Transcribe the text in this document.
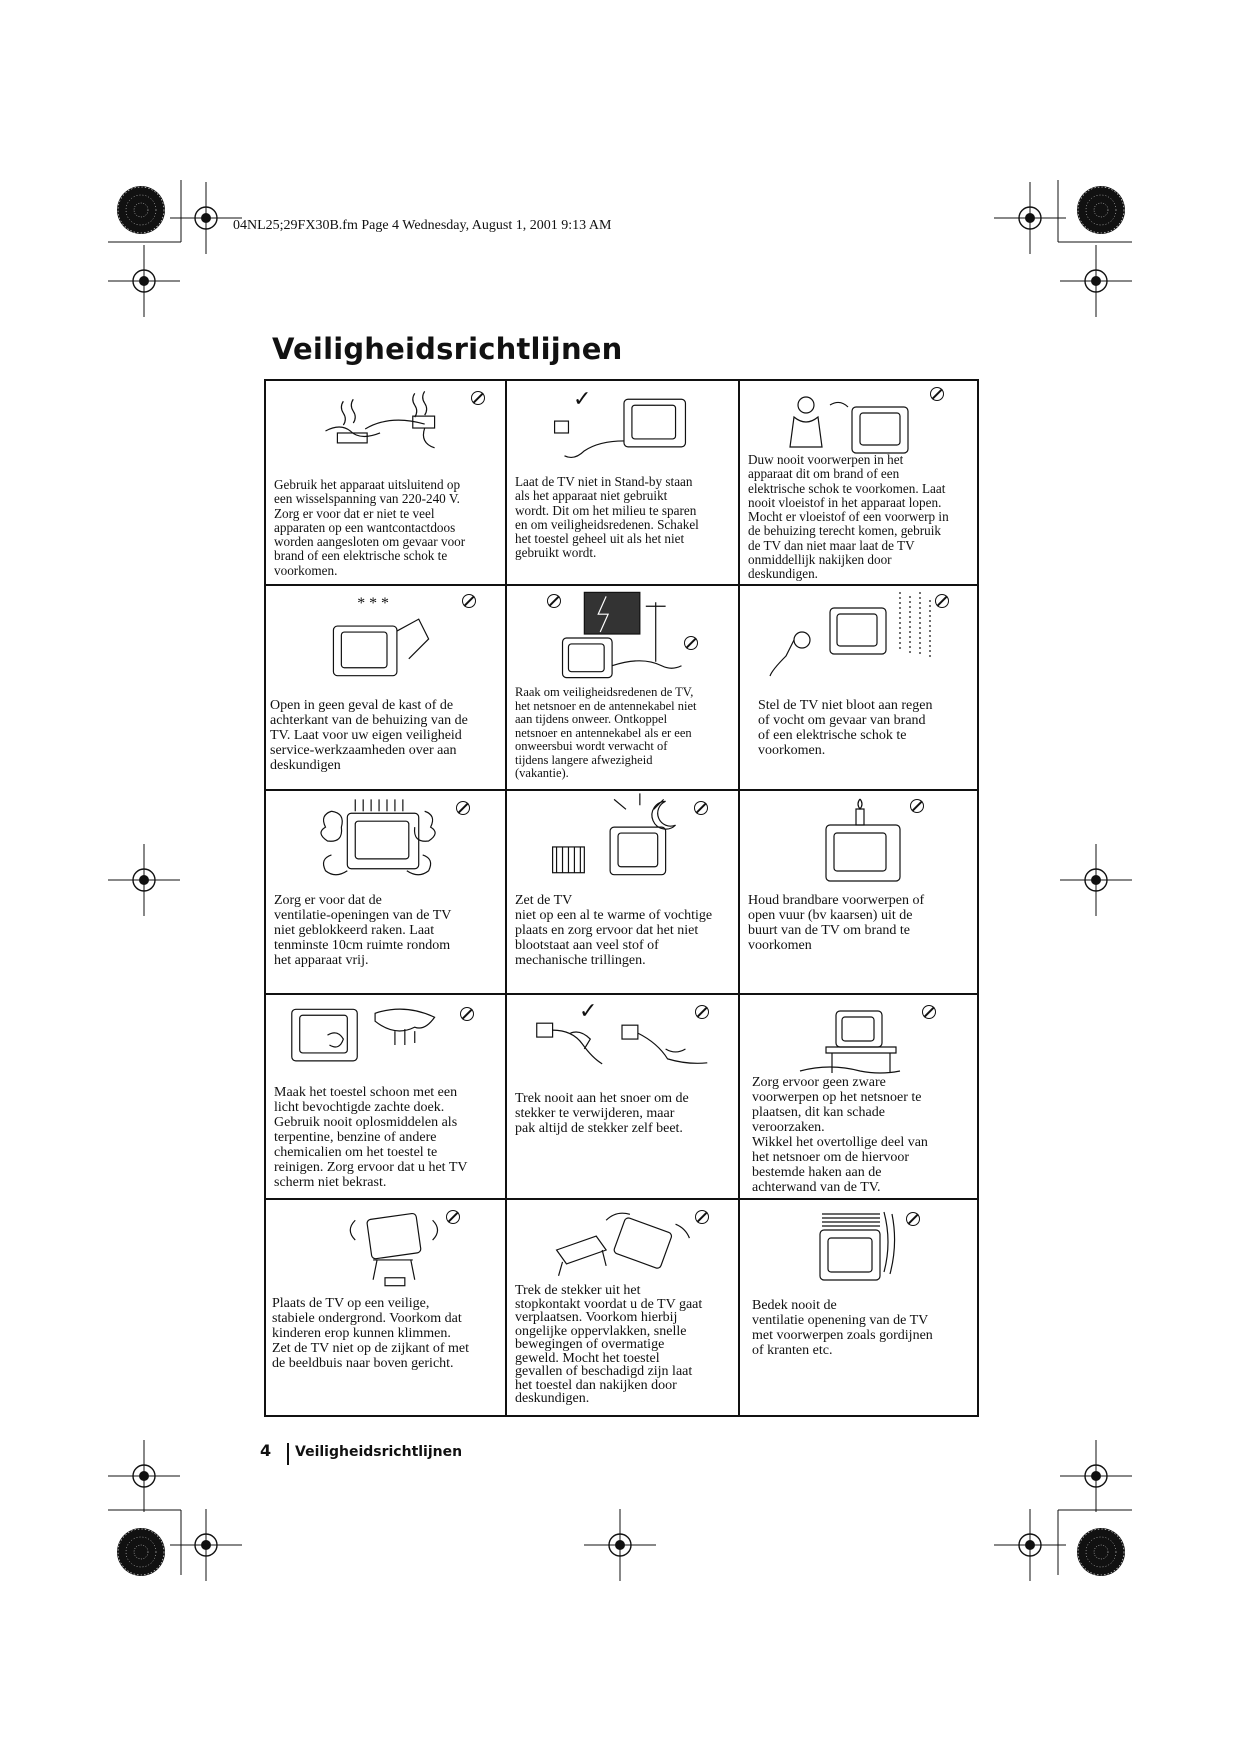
04NL25;29FX30B.fm Page 4 Wednesday, August 1, 2001 9:13 AM
Veiligheidsrichtlijnen
Gebruik het apparaat uitsluitend op
een wisselspanning van 220-240 V.
Zorg er voor dat er niet te veel
apparaten op een wantcontactdoos
worden aangesloten om gevaar voor
brand of een elektrische schok te
voorkomen.
✓
Laat de TV niet in Stand-by staan
als het apparaat niet gebruikt
wordt. Dit om het milieu te sparen
en om veiligheidsredenen. Schakel
het toestel geheel uit als het niet
gebruikt wordt.
Duw nooit voorwerpen in het
apparaat dit om brand of een
elektrische schok te voorkomen. Laat
nooit vloeistof in het apparaat lopen.
Mocht er vloeistof of een voorwerp in
de behuizing terecht komen, gebruik
de TV dan niet maar laat de TV
onmiddellijk nakijken door
deskundigen.
* * *
Open in geen geval de kast of de
achterkant van de behuizing van de
TV. Laat voor uw eigen veiligheid
service-werkzaamheden over aan
deskundigen
Raak om veiligheidsredenen de TV,
het netsnoer en de antennekabel niet
aan tijdens onweer. Ontkoppel
netsnoer en antennekabel als er een
onweersbui wordt verwacht of
tijdens langere afwezigheid
(vakantie).
Stel de TV niet bloot aan regen
of vocht om gevaar van brand
of een elektrische schok te
voorkomen.
Zorg er voor dat de
ventilatie-openingen van de TV
niet geblokkeerd raken. Laat
tenminste 10cm ruimte rondom
het apparaat vrij.
Zet de TV
niet op een al te warme of vochtige
plaats en zorg ervoor dat het niet
blootstaat aan veel stof of
mechanische trillingen.
Houd brandbare voorwerpen of
open vuur (bv kaarsen) uit de
buurt van de TV om brand te
voorkomen
Maak het toestel schoon met een
licht bevochtigde zachte doek.
Gebruik nooit oplosmiddelen als
terpentine, benzine of andere
chemicalien om het toestel te
reinigen. Zorg ervoor dat u het TV
scherm niet bekrast.
✓
Trek nooit aan het snoer om de
stekker te verwijderen, maar
pak altijd de stekker zelf beet.
Zorg ervoor geen zware
voorwerpen op het netsnoer te
plaatsen, dit kan schade
veroorzaken.
Wikkel het overtollige deel van
het netsnoer om de hiervoor
bestemde haken aan de
achterwand van de TV.
Plaats de TV op een veilige,
stabiele ondergrond. Voorkom dat
kinderen erop kunnen klimmen.
Zet de TV niet op de zijkant of met
de beeldbuis naar boven gericht.
Trek de stekker uit het
stopkontakt voordat u de TV gaat
verplaatsen. Voorkom hierbij
ongelijke oppervlakken, snelle
bewegingen of overmatige
geweld. Mocht het toestel
gevallen of beschadigd zijn laat
het toestel dan nakijken door
deskundigen.
Bedek nooit de
ventilatie openening van de TV
met voorwerpen zoals gordijnen
of kranten etc.
4 Veiligheidsrichtlijnen
